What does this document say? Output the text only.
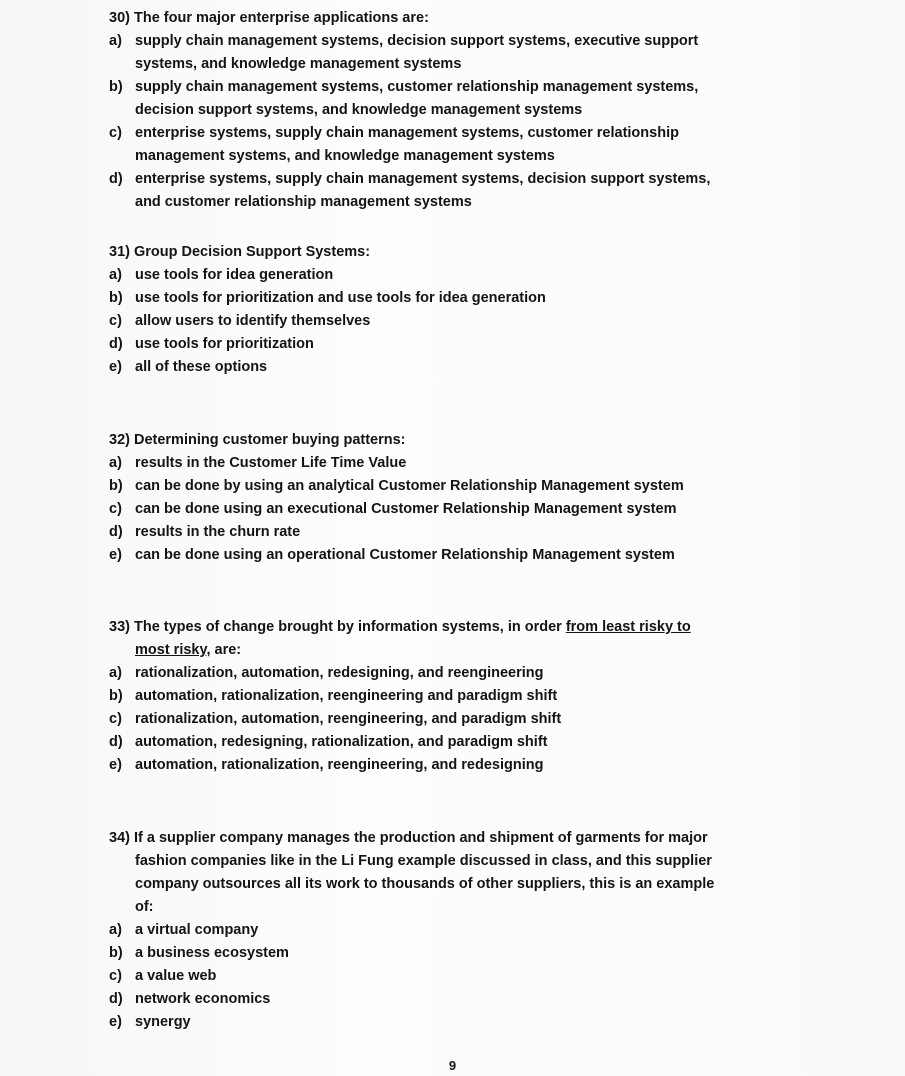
30) The four major enterprise applications are:
a) supply chain management systems, decision support systems, executive support
systems, and knowledge management systems
b) supply chain management systems, customer relationship management systems,
decision support systems, and knowledge management systems
c) enterprise systems, supply chain management systems, customer relationship
management systems, and knowledge management systems
d) enterprise systems, supply chain management systems, decision support systems,
and customer relationship management systems
31) Group Decision Support Systems:
a) use tools for idea generation
b) use tools for prioritization and use tools for idea generation
c) allow users to identify themselves
d) use tools for prioritization
e) all of these options
32) Determining customer buying patterns:
a) results in the Customer Life Time Value
b) can be done by using an analytical Customer Relationship Management system
c) can be done using an executional Customer Relationship Management system
d) results in the churn rate
e) can be done using an operational Customer Relationship Management system
33) The types of change brought by information systems, in order from least risky to
most risky, are:
a) rationalization, automation, redesigning, and reengineering
b) automation, rationalization, reengineering and paradigm shift
c) rationalization, automation, reengineering, and paradigm shift
d) automation, redesigning, rationalization, and paradigm shift
e) automation, rationalization, reengineering, and redesigning
34) If a supplier company manages the production and shipment of garments for major
fashion companies like in the Li Fung example discussed in class, and this supplier
company outsources all its work to thousands of other suppliers, this is an example
of:
a) a virtual company
b) a business ecosystem
c) a value web
d) network economics
e) synergy
9
